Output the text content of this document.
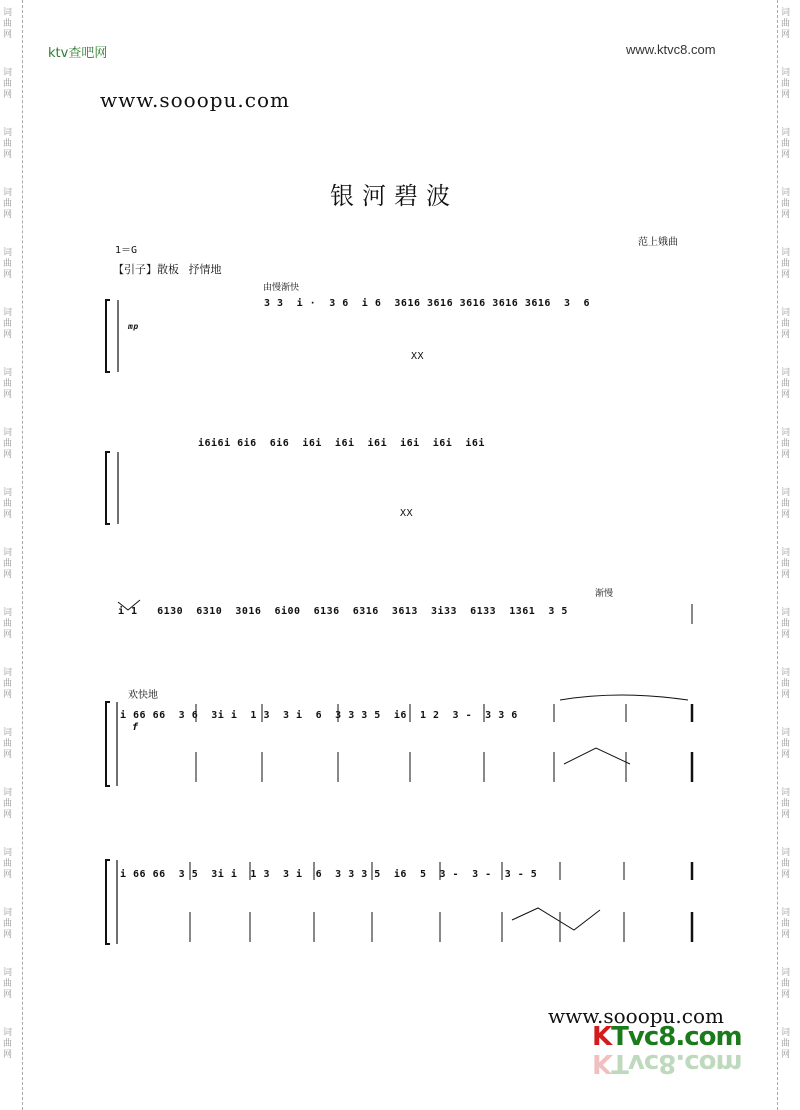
词
曲
网
词
曲
网
词
曲
网
词
曲
网
词
曲
网
词
曲
网
词
曲
网
词
曲
网
词
曲
网
词
曲
网
词
曲
网
词
曲
网
词
曲
网
词
曲
网
词
曲
网
词
曲
网
词
曲
网
词
曲
网
词
曲
网
词
曲
网
词
曲
网
词
曲
网
词
曲
网
词
曲
网
词
曲
网
词
曲
网
词
曲
网
词
曲
网
词
曲
网
词
曲
网
词
曲
网
词
曲
网
词
曲
网
词
曲
网
词
曲
网
词
曲
网
ktv查吧网	www.ktvc8.com
www.sooopu.com
银河碧波
范上娥曲
1＝G
【引子】散板 抒情地
由慢渐快
渐慢
欢快地
mp
f
3 3  i ·  3 6  i 6  3616 3616 3616 3616 3616  3  6
XX
i6i6i 6i6  6i6  i6i  i6i  i6i  i6i  i6i  i6i
XX
i 1   6130  6310  3016  6i00  6136  6316  3613  3i33  6133  1361  3 5
i 66 66  3 6  3i i  1 3  3 i  6  3 3 3 5  i6  1 2  3 -  3 3 6
i 66 66  3 5  3i i  1 3  3 i  6  3 3 3 5  i6  5  3 -  3 -  3 - 5
www.sooopu.com
KTvc8.com
KTvc8.com
